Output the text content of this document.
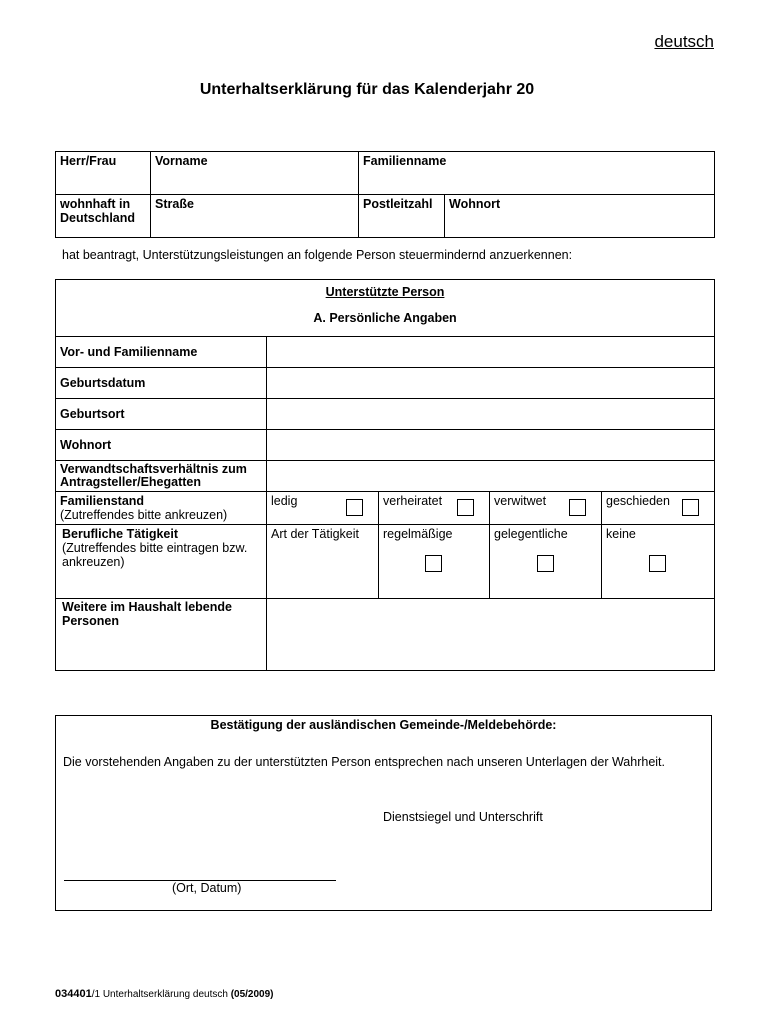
deutsch
Unterhaltserklärung für das Kalenderjahr 20
Herr/Frau	Vorname	Familienname	
wohnhaft in Deutschland	Straße	Postleitzahl	Wohnort
hat beantragt, Unterstützungsleistungen an folgende Person steuermindernd anzuerkennen:
Unterstützte Person
A. Persönliche Angaben				

Vor- und Familienname				
Geburtsdatum				
Geburtsort				
Wohnort				
Verwandtschaftsverhältnis zum Antragsteller/Ehegatten				
Familienstand
(Zutreffendes bitte ankreuzen)	ledig	verheiratet	verwitwet	geschieden

Berufliche Tätigkeit
(Zutreffendes bitte eintragen bzw. ankreuzen)	Art der Tätigkeit	regelmäßige	gelegentliche	keine

Weitere im Haushalt lebende Personen				
Bestätigung der ausländischen Gemeinde-/Meldebehörde:
Die vorstehenden Angaben zu der unterstützten Person entsprechen nach unseren Unterlagen der Wahrheit.
Dienstsiegel und Unterschrift
(Ort, Datum)
034401/1 Unterhaltserklärung deutsch (05/2009)
